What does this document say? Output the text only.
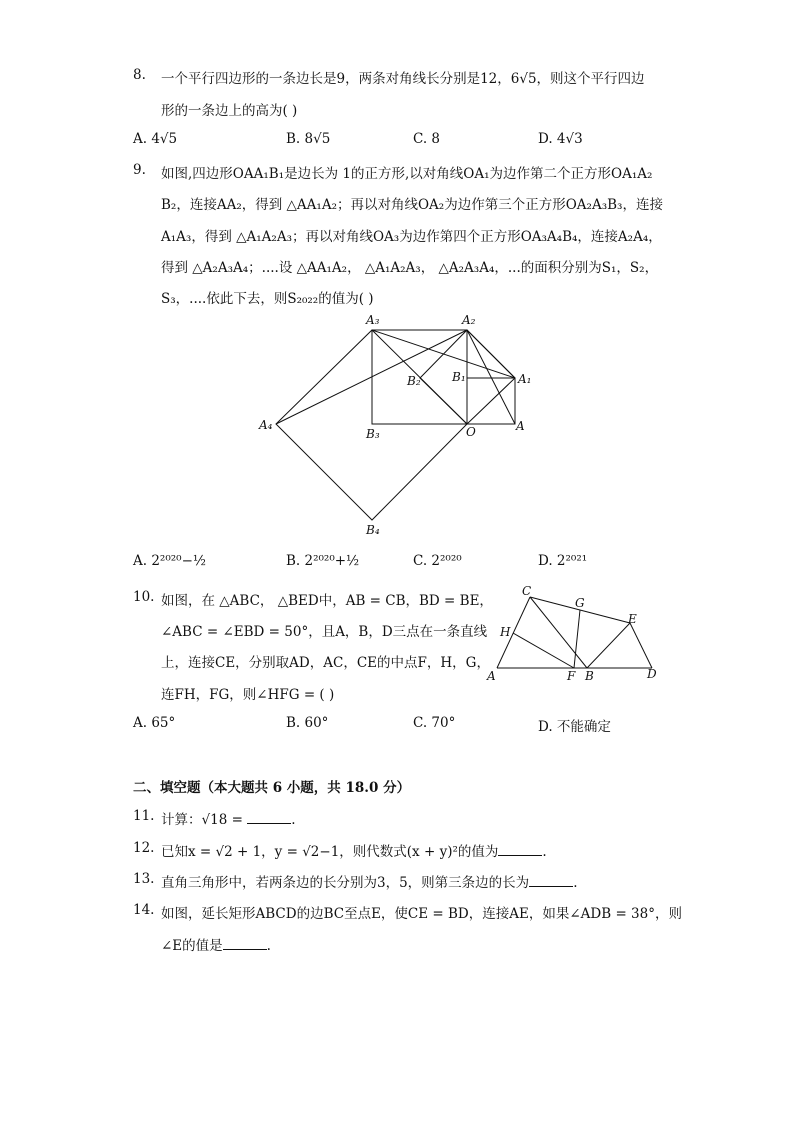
8. 一个平行四边形的一条边长是9，两条对角线长分别是12，6√5，则这个平行四边
形的一条边上的高为( )
A. 4√5	B. 8√5	C. 8	D. 4√3
9. 如图,四边形OAA₁B₁是边长为 1的正方形,以对角线OA₁为边作第二个正方形OA₁A₂
B₂，连接AA₂，得到 △AA₁A₂；再以对角线OA₂为边作第三个正方形OA₂A₃B₃，连接
A₁A₃，得到 △A₁A₂A₃；再以对角线OA₃为边作第四个正方形OA₃A₄B₄，连接A₂A₄，
得到 △A₂A₃A₄；....设 △AA₁A₂， △A₁A₂A₃， △A₂A₃A₄，...的面积分别为S₁，S₂，
S₃，....依此下去，则S₂₀₂₂的值为( )
A₃	A₂
A₁
A
B₁
B₂
B₃	O
A₄
B₄
A. 2²⁰²⁰−½	B. 2²⁰²⁰+½	C. 2²⁰²⁰	D. 2²⁰²¹
10. 如图，在 △ABC， △BED中，AB = CB，BD = BE，
∠ABC = ∠EBD = 50°，且A，B，D三点在一条直线
上，连接CE，分别取AD，AC，CE的中点F，H，G，
连FH，FG，则∠HFG = ( )
C
G
E
H
A	F B	D
A. 65°	B. 60°	C. 70°	D. 不能确定
二、填空题（本大题共 6 小题，共 18.0 分）
11. 计算：√18 =	.
12. 已知x = √2 + 1，y = √2−1，则代数式(x + y)²的值为	.
13. 直角三角形中，若两条边的长分别为3，5，则第三条边的长为	.
14. 如图，延长矩形ABCD的边BC至点E，使CE = BD，连接AE，如果∠ADB = 38°，则
∠E的值是	.
